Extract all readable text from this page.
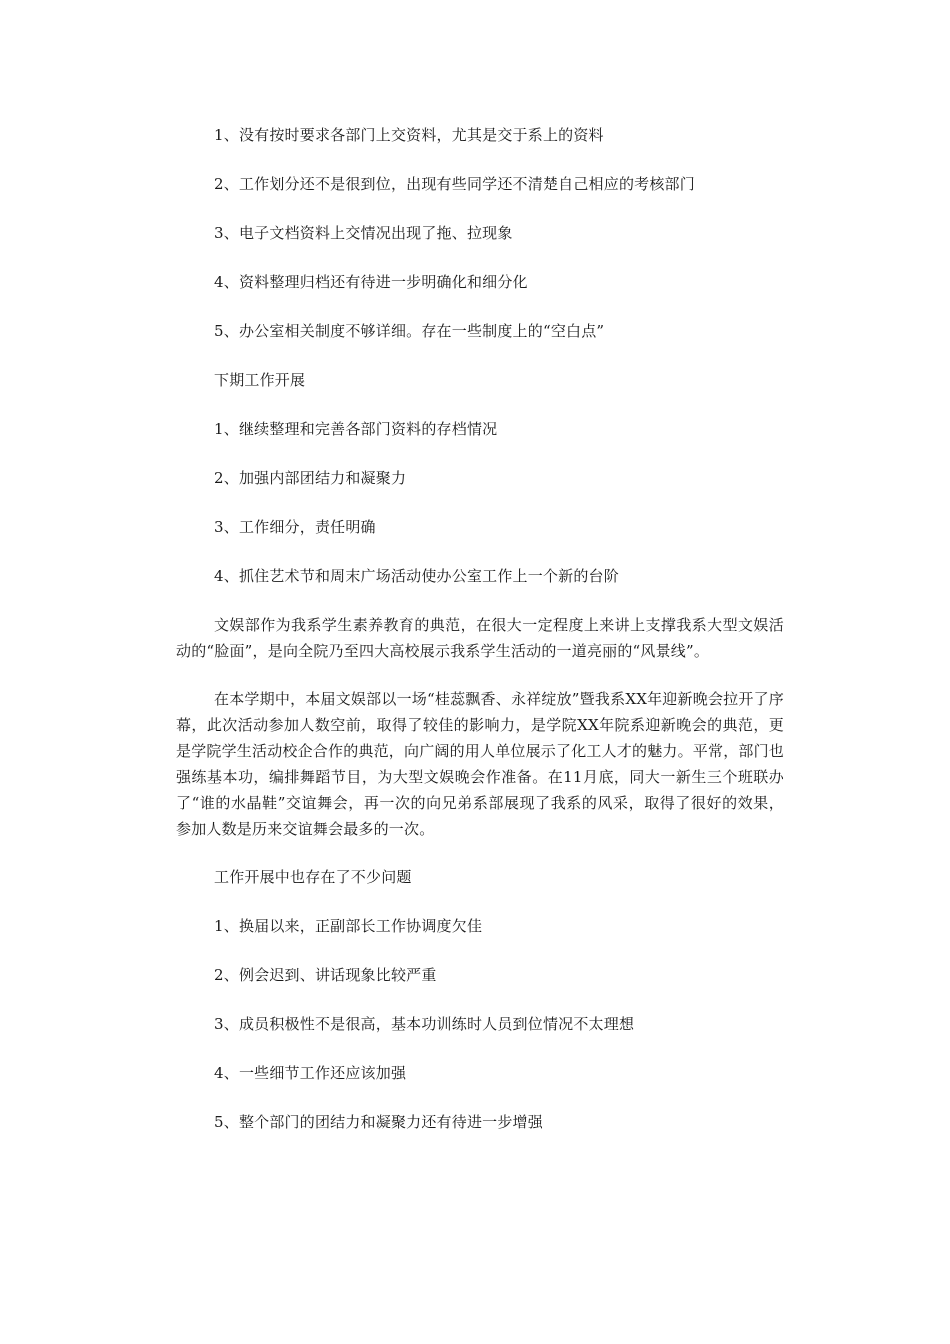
1、没有按时要求各部门上交资料，尤其是交于系上的资料

2、工作划分还不是很到位，出现有些同学还不清楚自己相应的考核部门

3、电子文档资料上交情况出现了拖、拉现象

4、资料整理归档还有待进一步明确化和细分化

5、办公室相关制度不够详细。存在一些制度上的“空白点”

下期工作开展

1、继续整理和完善各部门资料的存档情况

2、加强内部团结力和凝聚力

3、工作细分，责任明确

4、抓住艺术节和周末广场活动使办公室工作上一个新的台阶

文娱部作为我系学生素养教育的典范，在很大一定程度上来讲上支撑我系大型文娱活动的“脸面”，是向全院乃至四大高校展示我系学生活动的一道亮丽的“风景线”。

在本学期中，本届文娱部以一场“桂蕊飘香、永祥绽放”暨我系XX年迎新晚会拉开了序幕，此次活动参加人数空前，取得了较佳的影响力，是学院XX年院系迎新晚会的典范，更是学院学生活动校企合作的典范，向广阔的用人单位展示了化工人才的魅力。平常，部门也强练基本功，编排舞蹈节目，为大型文娱晚会作准备。在11月底，同大一新生三个班联办了“谁的水晶鞋”交谊舞会，再一次的向兄弟系部展现了我系的风采，取得了很好的效果，参加人数是历来交谊舞会最多的一次。

工作开展中也存在了不少问题

1、换届以来，正副部长工作协调度欠佳

2、例会迟到、讲话现象比较严重

3、成员积极性不是很高，基本功训练时人员到位情况不太理想

4、一些细节工作还应该加强

5、整个部门的团结力和凝聚力还有待进一步增强
